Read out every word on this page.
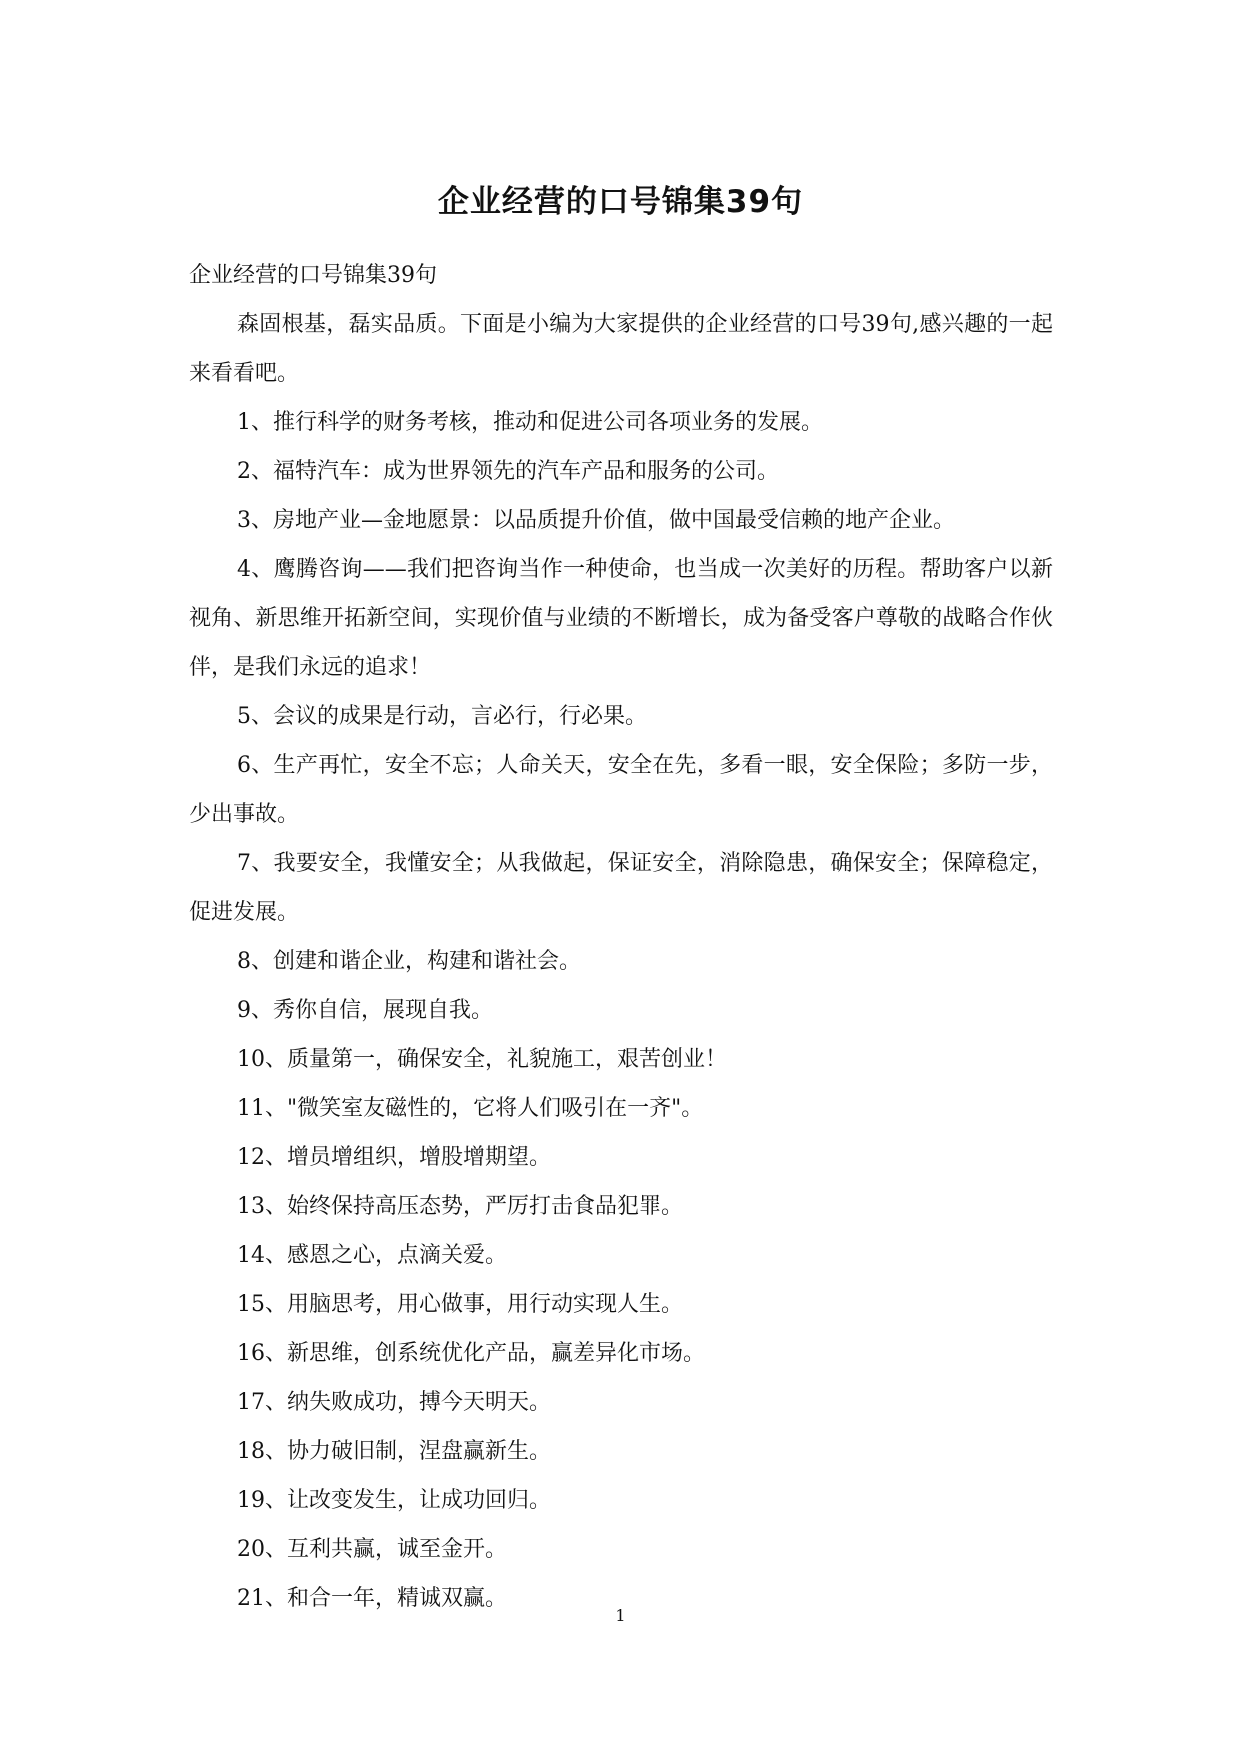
企业经营的口号锦集39句

企业经营的口号锦集39句

森固根基，磊实品质。下面是小编为大家提供的企业经营的口号39句,感兴趣的一起来看看吧。

1、推行科学的财务考核，推动和促进公司各项业务的发展。

2、福特汽车：成为世界领先的汽车产品和服务的公司。

3、房地产业—金地愿景：以品质提升价值，做中国最受信赖的地产企业。

4、鹰腾咨询——我们把咨询当作一种使命，也当成一次美好的历程。帮助客户以新视角、新思维开拓新空间，实现价值与业绩的不断增长，成为备受客户尊敬的战略合作伙伴，是我们永远的追求！

5、会议的成果是行动，言必行，行必果。

6、生产再忙，安全不忘；人命关天，安全在先，多看一眼，安全保险；多防一步，少出事故。

7、我要安全，我懂安全；从我做起，保证安全，消除隐患，确保安全；保障稳定，促进发展。

8、创建和谐企业，构建和谐社会。

9、秀你自信，展现自我。

10、质量第一，确保安全，礼貌施工，艰苦创业！

11、"微笑室友磁性的，它将人们吸引在一齐"。

12、增员增组织，增股增期望。

13、始终保持高压态势，严厉打击食品犯罪。

14、感恩之心，点滴关爱。

15、用脑思考，用心做事，用行动实现人生。

16、新思维，创系统优化产品，赢差异化市场。

17、纳失败成功，搏今天明天。

18、协力破旧制，涅盘赢新生。

19、让改变发生，让成功回归。

20、互利共赢，诚至金开。

21、和合一年，精诚双赢。

1
